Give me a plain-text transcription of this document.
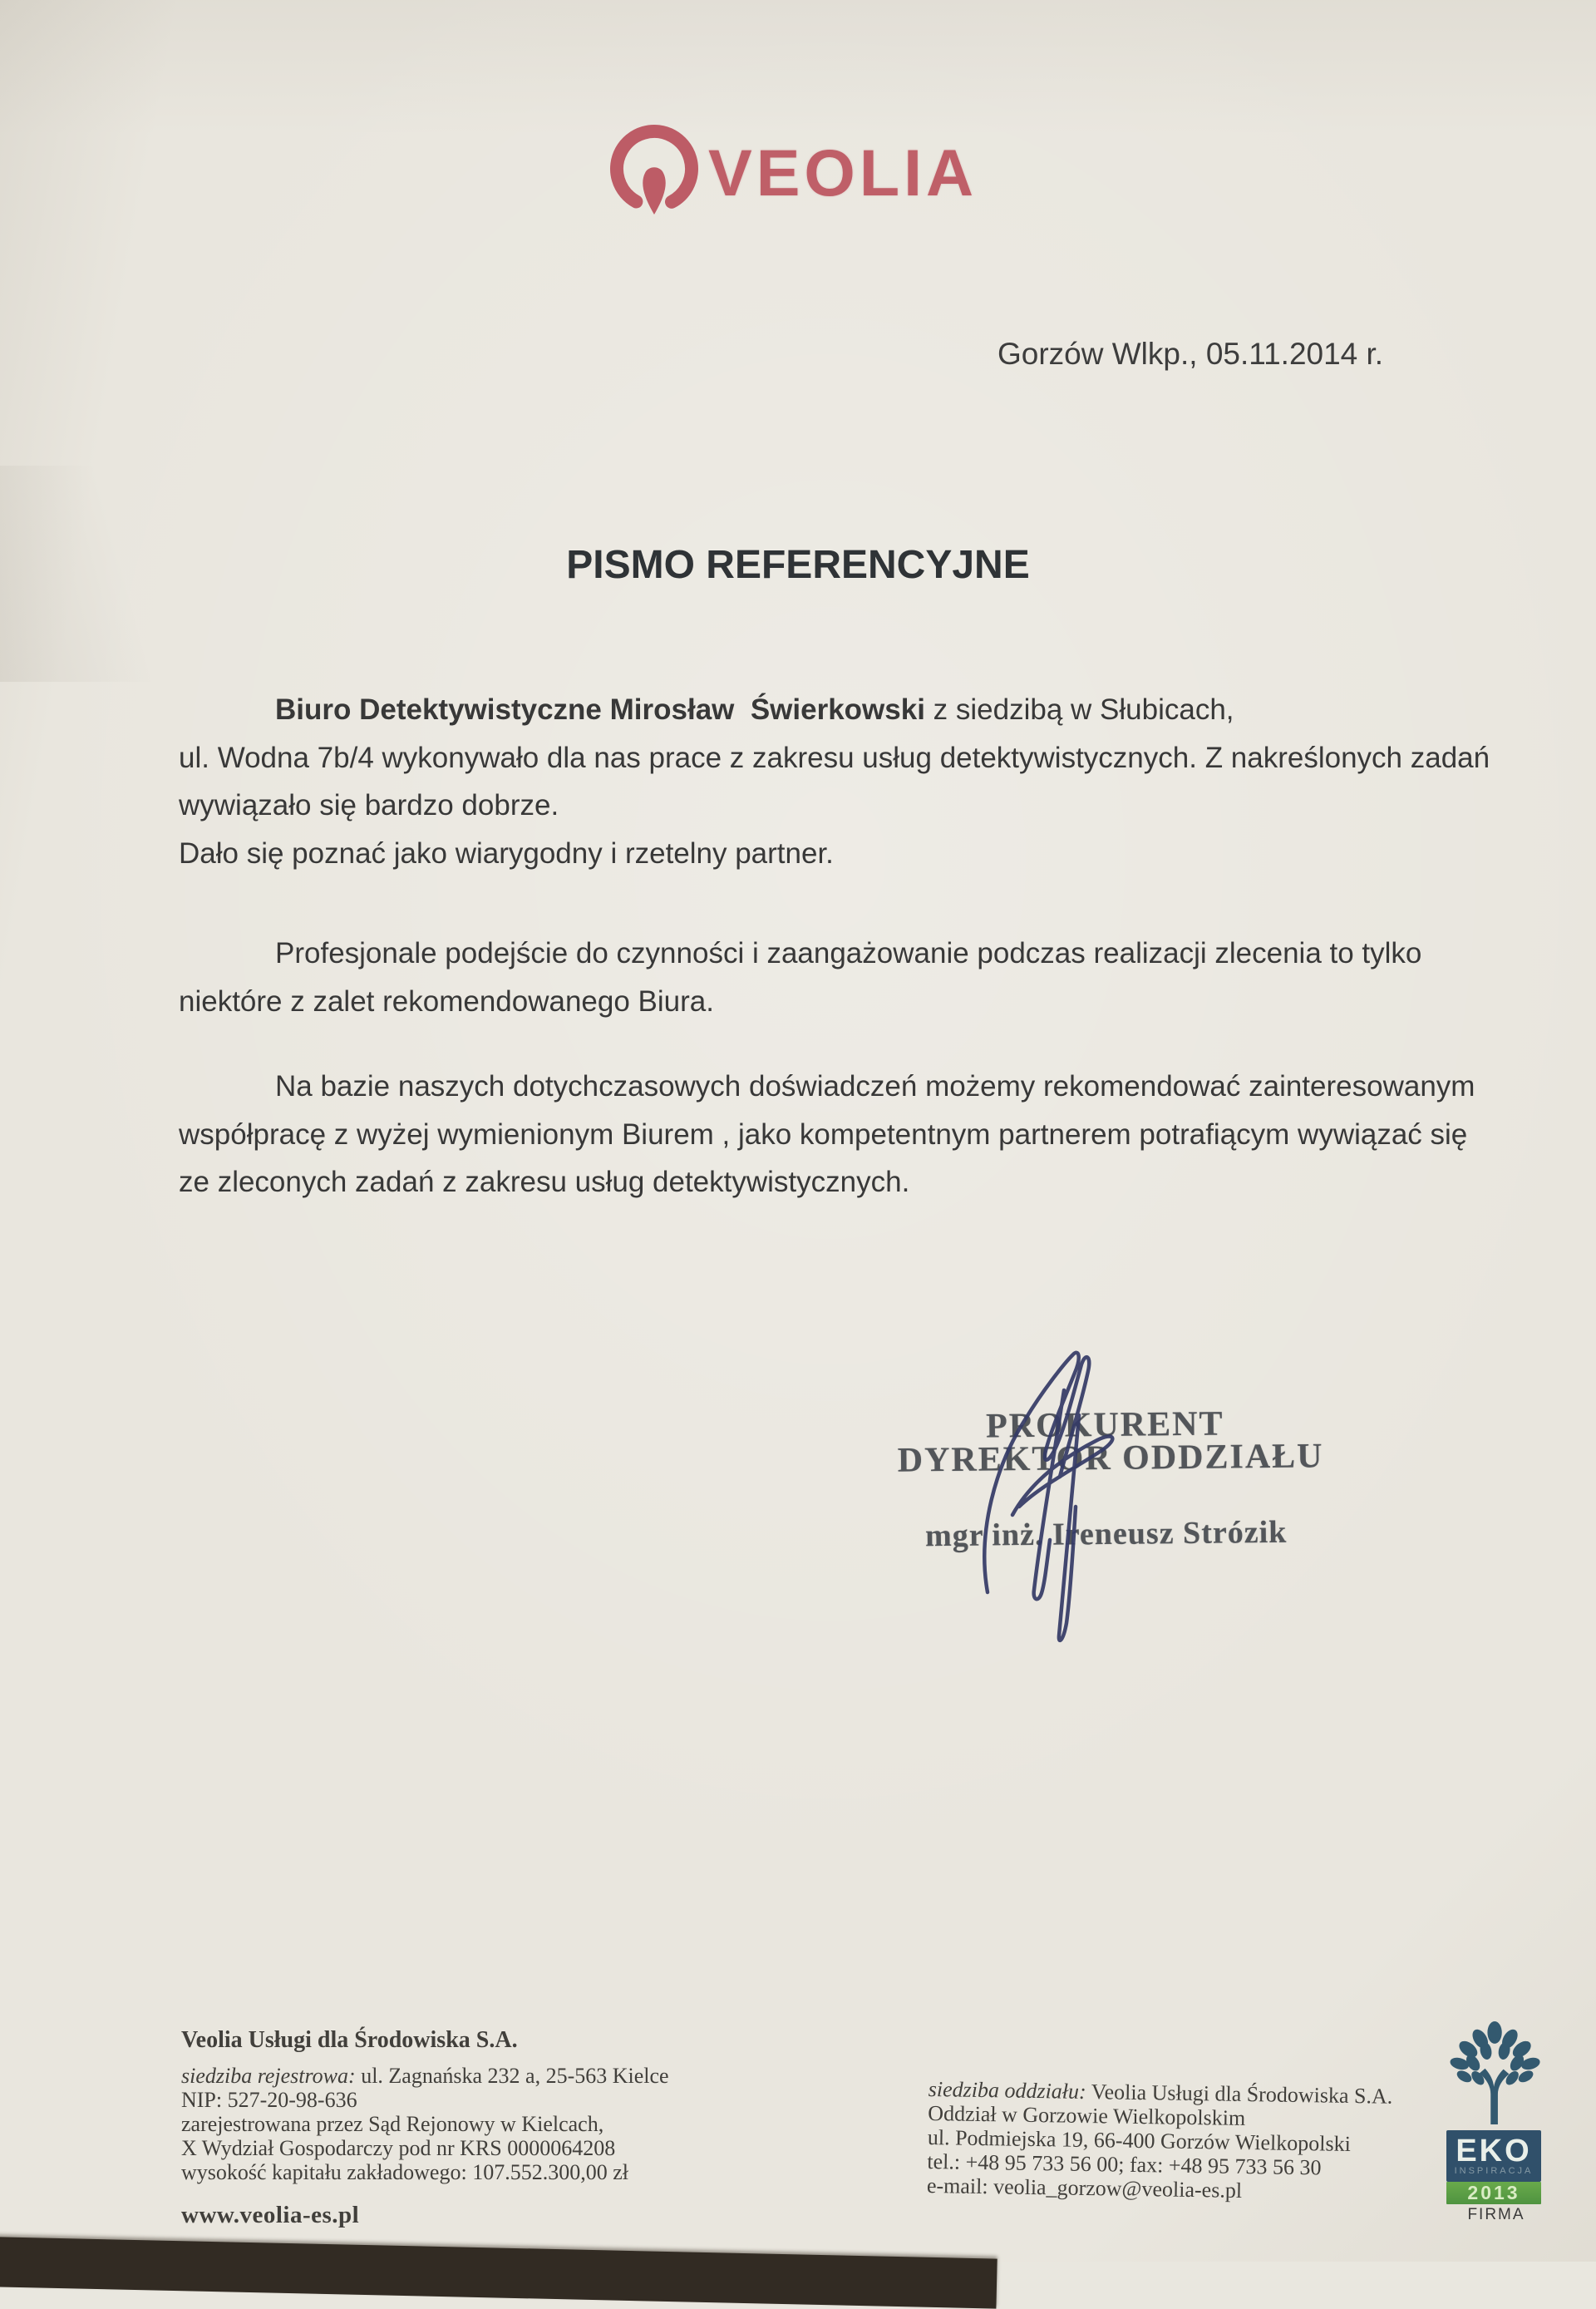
VEOLIA
Gorzów Wlkp., 05.11.2014 r.
PISMO REFERENCYJNE
Biuro Detektywistyczne Mirosław  Świerkowski z siedzibą w Słubicach,
ul. Wodna 7b/4 wykonywało dla nas prace z zakresu usług detektywistycznych. Z nakreślonych zadań
wywiązało się bardzo dobrze.
Dało się poznać jako wiarygodny i rzetelny partner.
Profesjonale podejście do czynności i zaangażowanie podczas realizacji zlecenia to tylko
niektóre z zalet rekomendowanego Biura.
Na bazie naszych dotychczasowych doświadczeń możemy rekomendować zainteresowanym
współpracę z wyżej wymienionym Biurem , jako kompetentnym partnerem potrafiącym wywiązać się
ze zleconych zadań z zakresu usług detektywistycznych.
PROKURENT
DYREKTOR ODDZIAŁU
mgr inż. Ireneusz Strózik
Veolia Usługi dla Środowiska S.A.
siedziba rejestrowa: ul. Zagnańska 232 a, 25-563 Kielce
NIP: 527-20-98-636
zarejestrowana przez Sąd Rejonowy w Kielcach,
X Wydział Gospodarczy pod nr KRS 0000064208
wysokość kapitału zakładowego: 107.552.300,00 zł
www.veolia-es.pl
siedziba oddziału: Veolia Usługi dla Środowiska S.A.
Oddział w Gorzowie Wielkopolskim
ul. Podmiejska 19, 66-400 Gorzów Wielkopolski
tel.: +48 95 733 56 00; fax: +48 95 733 56 30
e-mail: veolia_gorzow@veolia-es.pl
EKO
INSPIRACJA
2013
FIRMA
